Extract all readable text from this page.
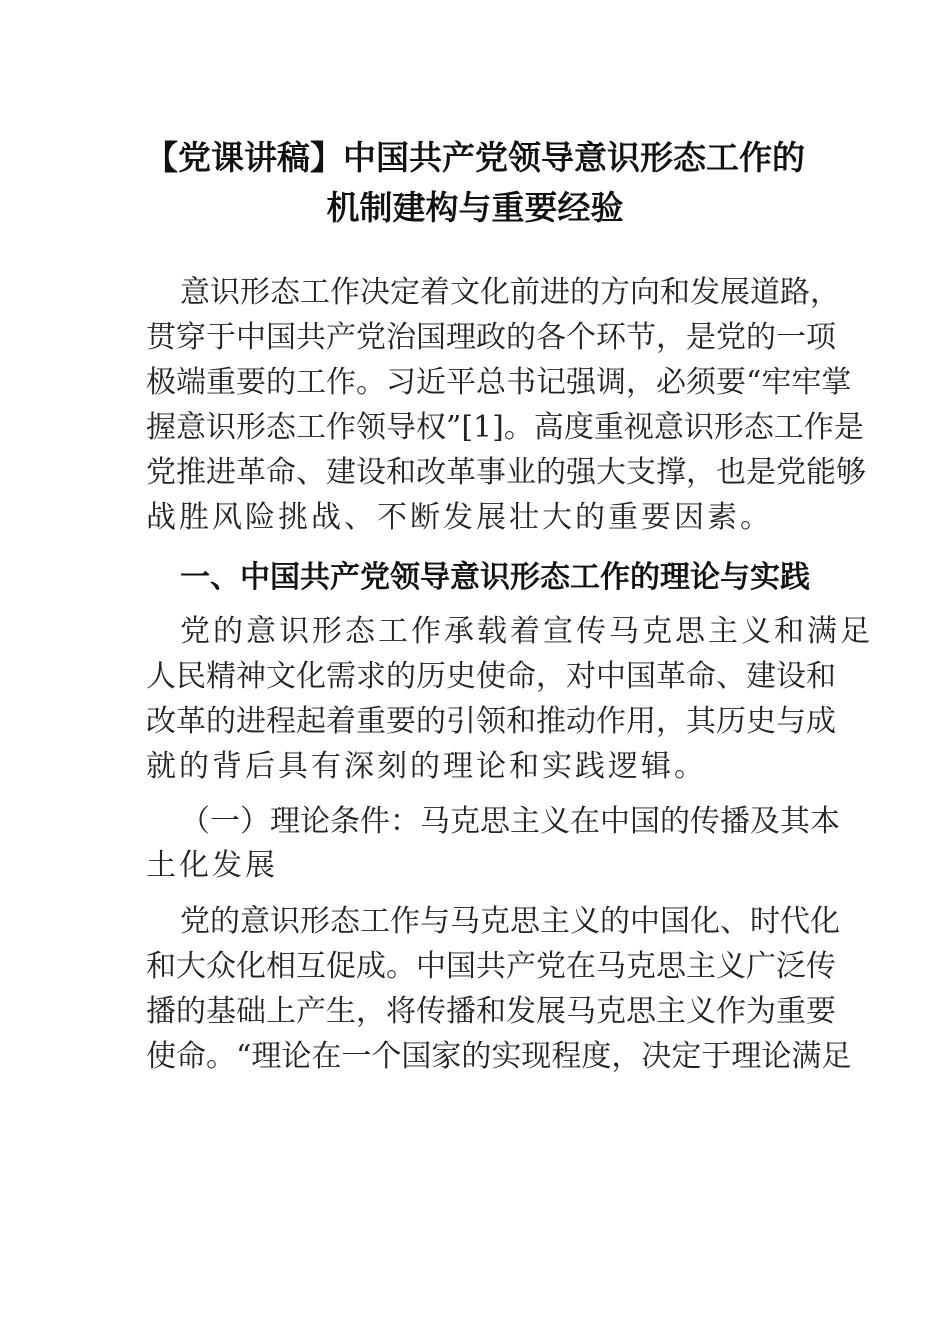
【党课讲稿】中国共产党领导意识形态工作的
机制建构与重要经验
意识形态工作决定着文化前进的方向和发展道路，
贯穿于中国共产党治国理政的各个环节，是党的一项
极端重要的工作。习近平总书记强调，必须要“牢牢掌
握意识形态工作领导权”[1]。高度重视意识形态工作是
党推进革命、建设和改革事业的强大支撑，也是党能够
战胜风险挑战、不断发展壮大的重要因素。
一、中国共产党领导意识形态工作的理论与实践
党的意识形态工作承载着宣传马克思主义和满足
人民精神文化需求的历史使命，对中国革命、建设和
改革的进程起着重要的引领和推动作用，其历史与成
就的背后具有深刻的理论和实践逻辑。
（一）理论条件：马克思主义在中国的传播及其本
土化发展
党的意识形态工作与马克思主义的中国化、时代化
和大众化相互促成。中国共产党在马克思主义广泛传
播的基础上产生，将传播和发展马克思主义作为重要
使命。“理论在一个国家的实现程度，决定于理论满足
